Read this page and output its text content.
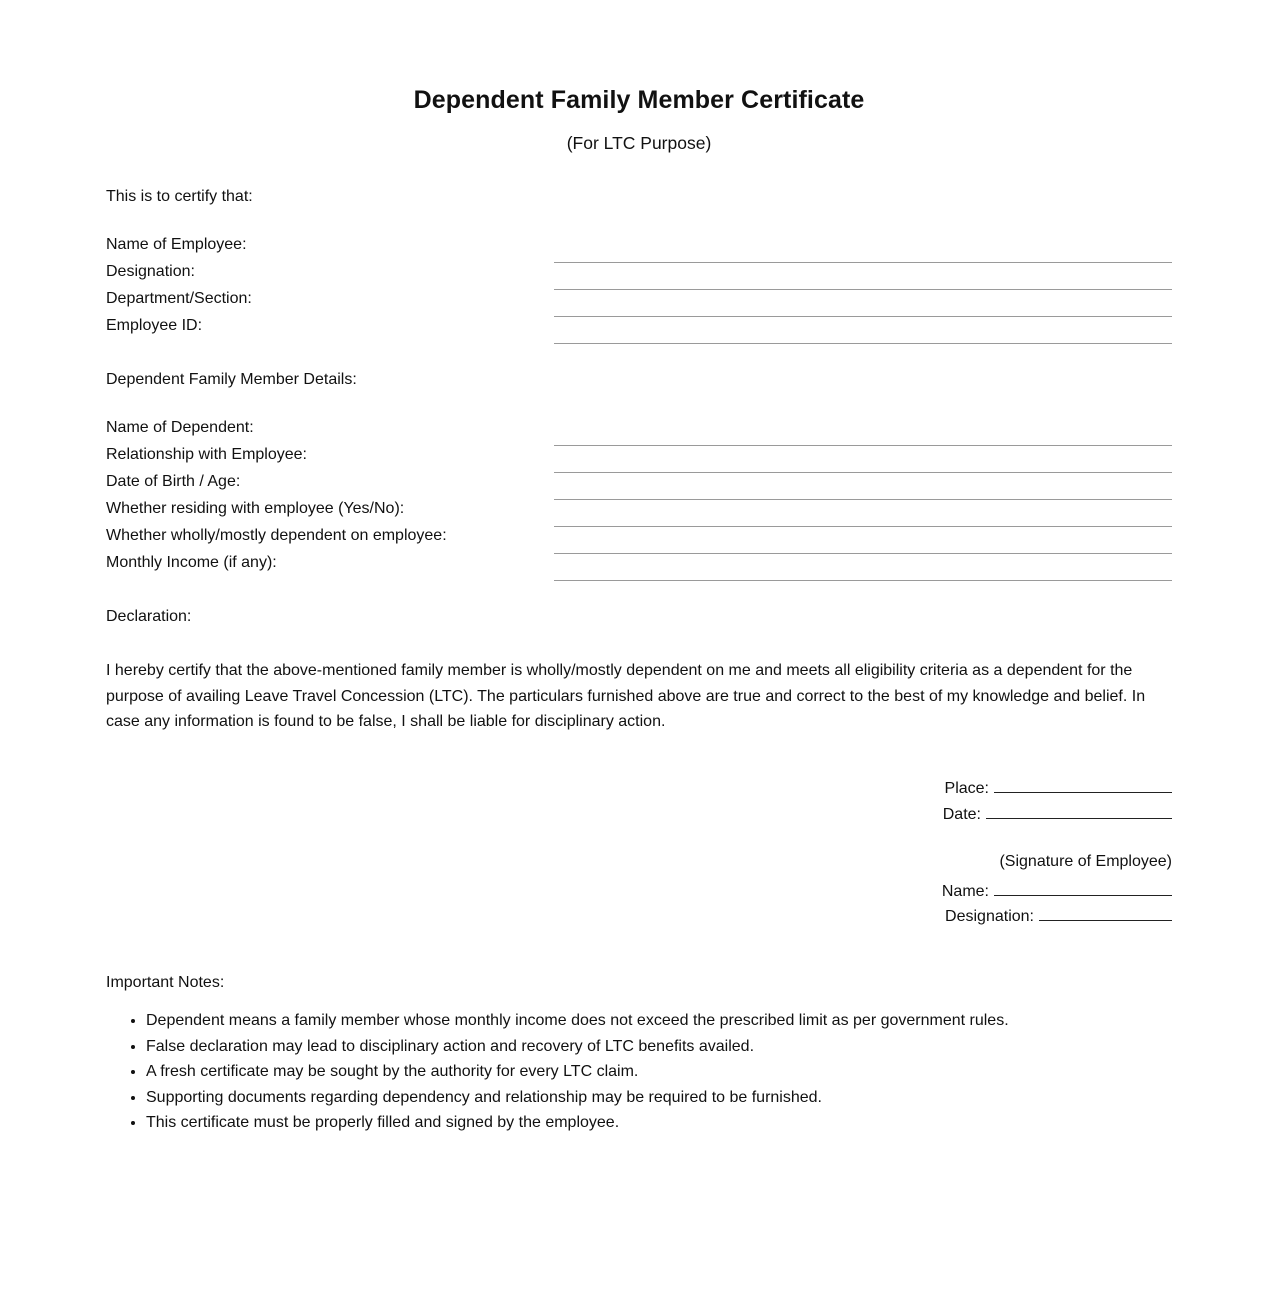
Dependent Family Member Certificate
(For LTC Purpose)
This is to certify that:
Name of Employee:
Designation:
Department/Section:
Employee ID:
Dependent Family Member Details:
Name of Dependent:
Relationship with Employee:
Date of Birth / Age:
Whether residing with employee (Yes/No):
Whether wholly/mostly dependent on employee:
Monthly Income (if any):
Declaration:
I hereby certify that the above-mentioned family member is wholly/mostly dependent on me and meets all eligibility criteria as a dependent for the purpose of availing Leave Travel Concession (LTC). The particulars furnished above are true and correct to the best of my knowledge and belief. In case any information is found to be false, I shall be liable for disciplinary action.
Place:
Date:
(Signature of Employee)
Name:
Designation:
Important Notes:
• Dependent means a family member whose monthly income does not exceed the prescribed limit as per government rules.
• False declaration may lead to disciplinary action and recovery of LTC benefits availed.
• A fresh certificate may be sought by the authority for every LTC claim.
• Supporting documents regarding dependency and relationship may be required to be furnished.
• This certificate must be properly filled and signed by the employee.
